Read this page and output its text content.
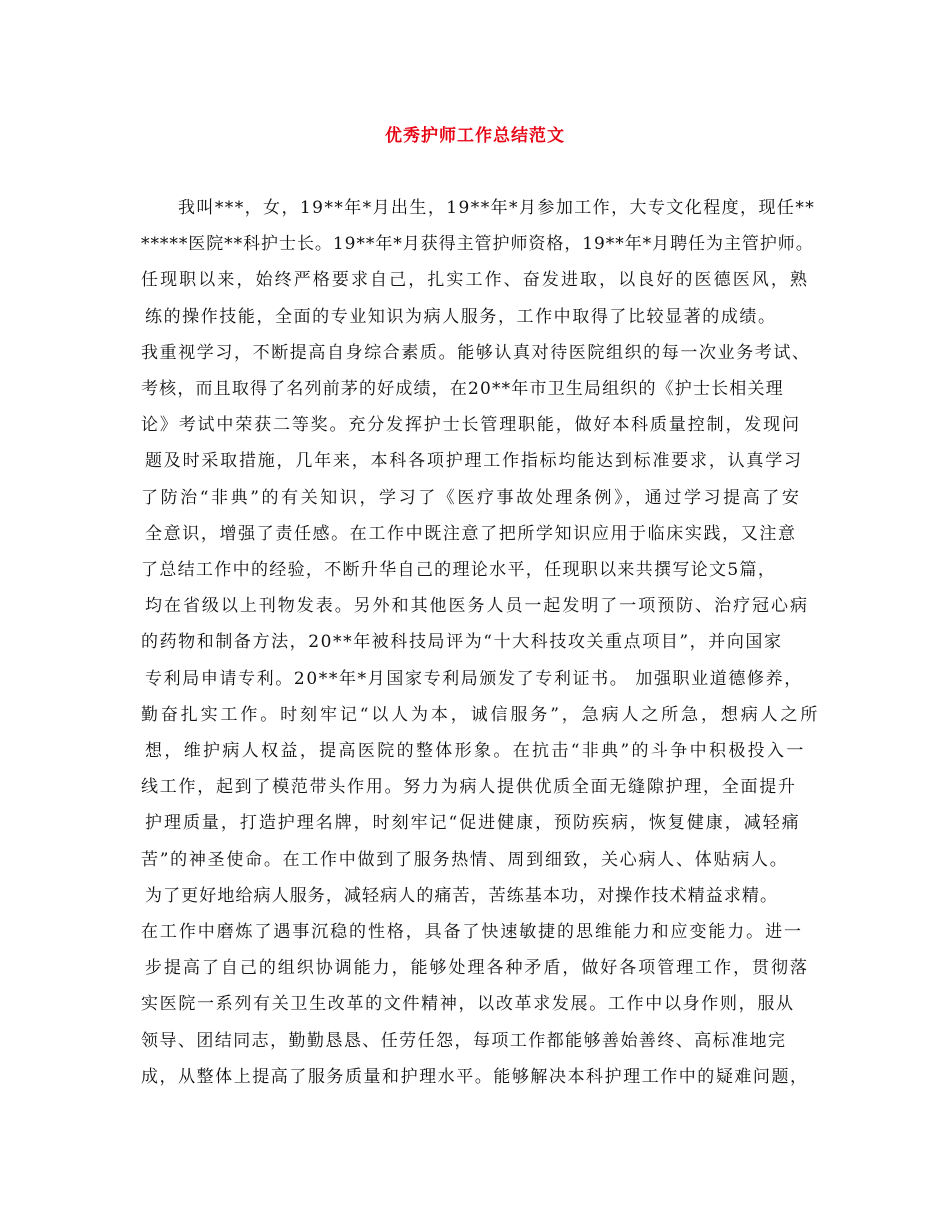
优秀护师工作总结范文
我叫***，女，19**年*月出生，19**年*月参加工作，大专文化程度，现任**
*****医院**科护士长。19**年*月获得主管护师资格，19**年*月聘任为主管护师。
任现职以来，始终严格要求自己，扎实工作、奋发进取，以良好的医德医风，熟
练的操作技能，全面的专业知识为病人服务，工作中取得了比较显著的成绩。
我重视学习，不断提高自身综合素质。能够认真对待医院组织的每一次业务考试、
考核，而且取得了名列前茅的好成绩，在20**年市卫生局组织的《护士长相关理
论》考试中荣获二等奖。充分发挥护士长管理职能，做好本科质量控制，发现问
题及时采取措施，几年来，本科各项护理工作指标均能达到标准要求，认真学习
了防治“非典”的有关知识，学习了《医疗事故处理条例》，通过学习提高了安
全意识，增强了责任感。在工作中既注意了把所学知识应用于临床实践，又注意
了总结工作中的经验，不断升华自己的理论水平，任现职以来共撰写论文5篇，
均在省级以上刊物发表。另外和其他医务人员一起发明了一项预防、治疗冠心病
的药物和制备方法，20**年被科技局评为“十大科技攻关重点项目”，并向国家
专利局申请专利。20**年*月国家专利局颁发了专利证书。 加强职业道德修养，
勤奋扎实工作。时刻牢记“以人为本，诚信服务”，急病人之所急，想病人之所
想，维护病人权益，提高医院的整体形象。在抗击“非典”的斗争中积极投入一
线工作，起到了模范带头作用。努力为病人提供优质全面无缝隙护理，全面提升
护理质量，打造护理名牌，时刻牢记“促进健康，预防疾病，恢复健康，减轻痛
苦”的神圣使命。在工作中做到了服务热情、周到细致，关心病人、体贴病人。
为了更好地给病人服务，减轻病人的痛苦，苦练基本功，对操作技术精益求精。
在工作中磨炼了遇事沉稳的性格，具备了快速敏捷的思维能力和应变能力。进一
步提高了自己的组织协调能力，能够处理各种矛盾，做好各项管理工作，贯彻落
实医院一系列有关卫生改革的文件精神，以改革求发展。工作中以身作则，服从
领导、团结同志，勤勤恳恳、任劳任怨，每项工作都能够善始善终、高标准地完
成，从整体上提高了服务质量和护理水平。能够解决本科护理工作中的疑难问题，
